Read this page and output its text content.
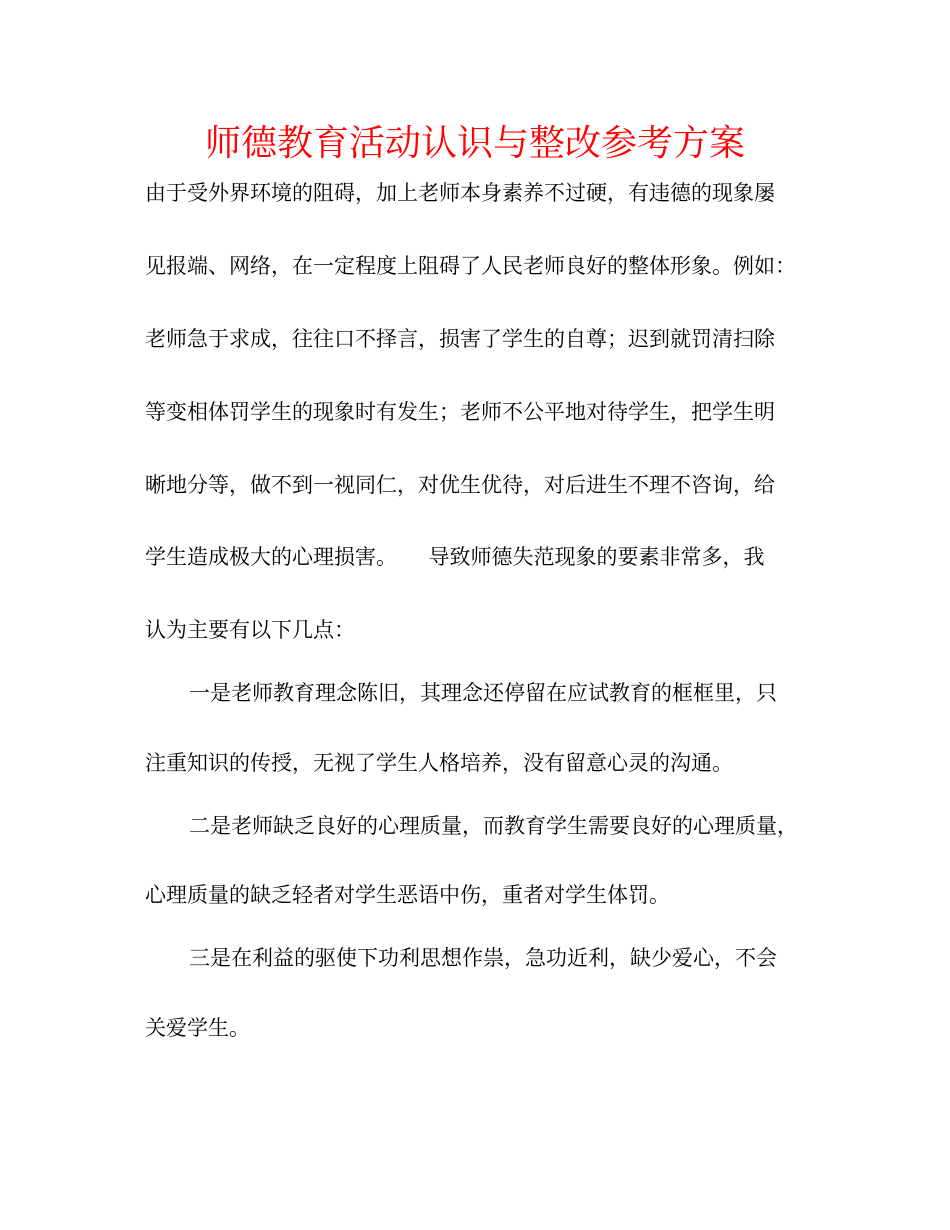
师德教育活动认识与整改参考方案
由于受外界环境的阻碍，加上老师本身素养不过硬，有违德的现象屡
见报端、网络，在一定程度上阻碍了人民老师良好的整体形象。例如：
老师急于求成，往往口不择言，损害了学生的自尊；迟到就罚清扫除
等变相体罚学生的现象时有发生；老师不公平地对待学生，把学生明
晰地分等，做不到一视同仁，对优生优待，对后进生不理不咨询，给
学生造成极大的心理损害。　　导致师德失范现象的要素非常多，我
认为主要有以下几点：
一是老师教育理念陈旧，其理念还停留在应试教育的框框里，只
注重知识的传授，无视了学生人格培养，没有留意心灵的沟通。
二是老师缺乏良好的心理质量，而教育学生需要良好的心理质量，
心理质量的缺乏轻者对学生恶语中伤，重者对学生体罚。
三是在利益的驱使下功利思想作祟，急功近利，缺少爱心，不会
关爱学生。
